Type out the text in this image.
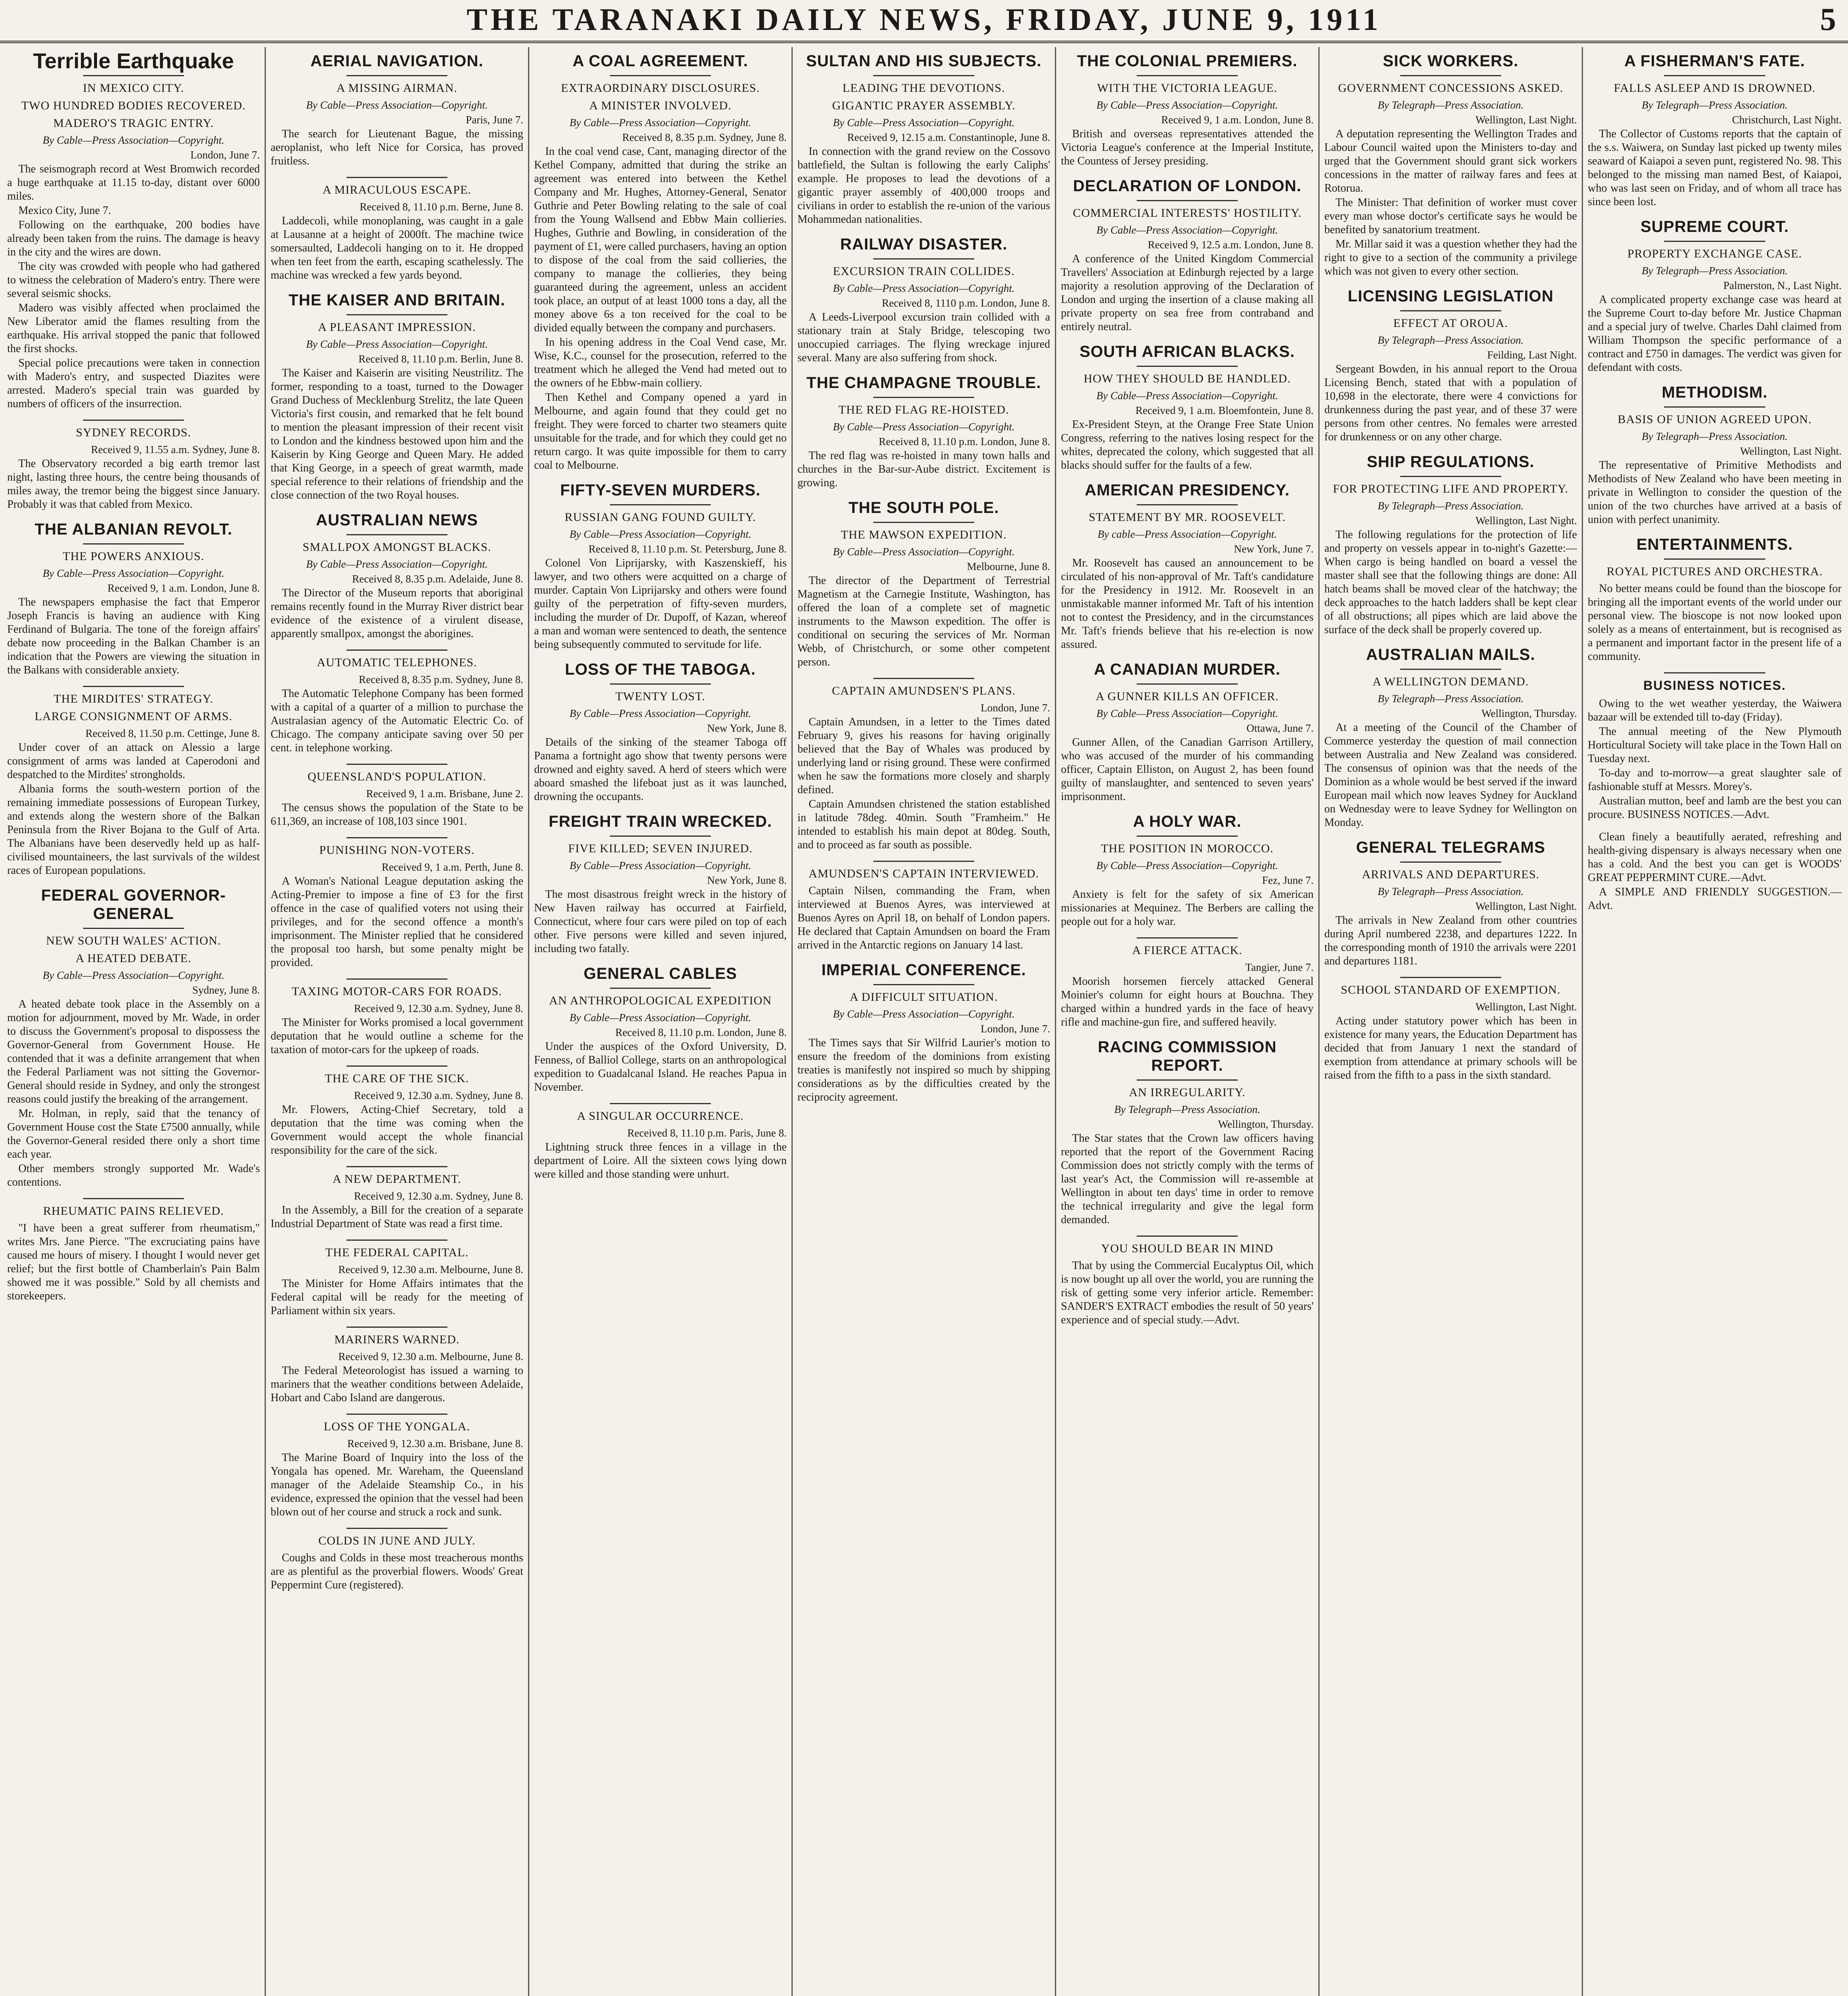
THE TARANAKI DAILY NEWS, FRIDAY, JUNE 9, 1911	5
Terrible Earthquake
IN MEXICO CITY.
TWO HUNDRED BODIES RECOVERED.
MADERO'S TRAGIC ENTRY.
By Cable—Press Association—Copyright.
London, June 7.

The seismograph record at West Bromwich recorded a huge earthquake at 11.15 to-day, distant over 6000 miles.

Mexico City, June 7.

Following on the earthquake, 200 bodies have already been taken from the ruins. The damage is heavy in the city and the wires are down.

The city was crowded with people who had gathered to witness the celebration of Madero's entry. There were several seismic shocks.

Madero was visibly affected when proclaimed the New Liberator amid the flames resulting from the earthquake. His arrival stopped the panic that followed the first shocks.

Special police precautions were taken in connection with Madero's entry, and suspected Diazites were arrested. Madero's special train was guarded by numbers of officers of the insurrection.

SYDNEY RECORDS.
Received 9, 11.55 a.m. Sydney, June 8.

The Observatory recorded a big earth tremor last night, lasting three hours, the centre being thousands of miles away, the tremor being the biggest since January. Probably it was that cabled from Mexico.

THE ALBANIAN REVOLT.
THE POWERS ANXIOUS.
By Cable—Press Association—Copyright.
Received 9, 1 a.m. London, June 8.

The newspapers emphasise the fact that Emperor Joseph Francis is having an audience with King Ferdinand of Bulgaria. The tone of the foreign affairs' debate now proceeding in the Balkan Chamber is an indication that the Powers are viewing the situation in the Balkans with considerable anxiety.

THE MIRDITES' STRATEGY.
LARGE CONSIGNMENT OF ARMS.
Received 8, 11.50 p.m. Cettinge, June 8.

Under cover of an attack on Alessio a large consignment of arms was landed at Caperodoni and despatched to the Mirdites' strongholds.

Albania forms the south-western portion of the remaining immediate possessions of European Turkey, and extends along the western shore of the Balkan Peninsula from the River Bojana to the Gulf of Arta. The Albanians have been deservedly held up as half-civilised mountaineers, the last survivals of the wildest races of European populations.

FEDERAL GOVERNOR-GENERAL
NEW SOUTH WALES' ACTION.
A HEATED DEBATE.
By Cable—Press Association—Copyright.
Sydney, June 8.

A heated debate took place in the Assembly on a motion for adjournment, moved by Mr. Wade, in order to discuss the Government's proposal to dispossess the Governor-General from Government House. He contended that it was a definite arrangement that when the Federal Parliament was not sitting the Governor-General should reside in Sydney, and only the strongest reasons could justify the breaking of the arrangement.

Mr. Holman, in reply, said that the tenancy of Government House cost the State £7500 annually, while the Governor-General resided there only a short time each year.

Other members strongly supported Mr. Wade's contentions.

RHEUMATIC PAINS RELIEVED.

"I have been a great sufferer from rheumatism," writes Mrs. Jane Pierce. "The excruciating pains have caused me hours of misery. I thought I would never get relief; but the first bottle of Chamberlain's Pain Balm showed me it was possible." Sold by all chemists and storekeepers.

AERIAL NAVIGATION.
A MISSING AIRMAN.
By Cable—Press Association—Copyright.
Paris, June 7.

The search for Lieutenant Bague, the missing aeroplanist, who left Nice for Corsica, has proved fruitless.

A MIRACULOUS ESCAPE.
Received 8, 11.10 p.m. Berne, June 8.

Laddecoli, while monoplaning, was caught in a gale at Lausanne at a height of 2000ft. The machine twice somersaulted, Laddecoli hanging on to it. He dropped when ten feet from the earth, escaping scathelessly. The machine was wrecked a few yards beyond.

THE KAISER AND BRITAIN.
A PLEASANT IMPRESSION.
By Cable—Press Association—Copyright.
Received 8, 11.10 p.m. Berlin, June 8.

The Kaiser and Kaiserin are visiting Neustrilitz. The former, responding to a toast, turned to the Dowager Grand Duchess of Mecklenburg Strelitz, the late Queen Victoria's first cousin, and remarked that he felt bound to mention the pleasant impression of their recent visit to London and the kindness bestowed upon him and the Kaiserin by King George and Queen Mary. He added that King George, in a speech of great warmth, made special reference to their relations of friendship and the close connection of the two Royal houses.

AUSTRALIAN NEWS
SMALLPOX AMONGST BLACKS.
By Cable—Press Association—Copyright.
Received 8, 8.35 p.m. Adelaide, June 8.

The Director of the Museum reports that aboriginal remains recently found in the Murray River district bear evidence of the existence of a virulent disease, apparently smallpox, amongst the aborigines.

AUTOMATIC TELEPHONES.
Received 8, 8.35 p.m. Sydney, June 8.

The Automatic Telephone Company has been formed with a capital of a quarter of a million to purchase the Australasian agency of the Automatic Electric Co. of Chicago. The company anticipate saving over 50 per cent. in telephone working.

QUEENSLAND'S POPULATION.
Received 9, 1 a.m. Brisbane, June 2.

The census shows the population of the State to be 611,369, an increase of 108,103 since 1901.

PUNISHING NON-VOTERS.
Received 9, 1 a.m. Perth, June 8.

A Woman's National League deputation asking the Acting-Premier to impose a fine of £3 for the first offence in the case of qualified voters not using their privileges, and for the second offence a month's imprisonment. The Minister replied that he considered the proposal too harsh, but some penalty might be provided.

TAXING MOTOR-CARS FOR ROADS.
Received 9, 12.30 a.m. Sydney, June 8.

The Minister for Works promised a local government deputation that he would outline a scheme for the taxation of motor-cars for the upkeep of roads.

THE CARE OF THE SICK.
Received 9, 12.30 a.m. Sydney, June 8.

Mr. Flowers, Acting-Chief Secretary, told a deputation that the time was coming when the Government would accept the whole financial responsibility for the care of the sick.

A NEW DEPARTMENT.
Received 9, 12.30 a.m. Sydney, June 8.

In the Assembly, a Bill for the creation of a separate Industrial Department of State was read a first time.

THE FEDERAL CAPITAL.
Received 9, 12.30 a.m. Melbourne, June 8.

The Minister for Home Affairs intimates that the Federal capital will be ready for the meeting of Parliament within six years.

MARINERS WARNED.
Received 9, 12.30 a.m. Melbourne, June 8.

The Federal Meteorologist has issued a warning to mariners that the weather conditions between Adelaide, Hobart and Cabo Island are dangerous.

LOSS OF THE YONGALA.
Received 9, 12.30 a.m. Brisbane, June 8.

The Marine Board of Inquiry into the loss of the Yongala has opened. Mr. Wareham, the Queensland manager of the Adelaide Steamship Co., in his evidence, expressed the opinion that the vessel had been blown out of her course and struck a rock and sunk.

COLDS IN JUNE AND JULY.

Coughs and Colds in these most treacherous months are as plentiful as the proverbial flowers. Woods' Great Peppermint Cure (registered).

A COAL AGREEMENT.
EXTRAORDINARY DISCLOSURES.
A MINISTER INVOLVED.
By Cable—Press Association—Copyright.
Received 8, 8.35 p.m. Sydney, June 8.

In the coal vend case, Cant, managing director of the Kethel Company, admitted that during the strike an agreement was entered into between the Kethel Company and Mr. Hughes, Attorney-General, Senator Guthrie and Peter Bowling relating to the sale of coal from the Young Wallsend and Ebbw Main collieries. Hughes, Guthrie and Bowling, in consideration of the payment of £1, were called purchasers, having an option to dispose of the coal from the said collieries, the company to manage the collieries, they being guaranteed during the agreement, unless an accident took place, an output of at least 1000 tons a day, all the money above 6s a ton received for the coal to be divided equally between the company and purchasers.

In his opening address in the Coal Vend case, Mr. Wise, K.C., counsel for the prosecution, referred to the treatment which he alleged the Vend had meted out to the owners of he Ebbw-main colliery.

Then Kethel and Company opened a yard in Melbourne, and again found that they could get no freight. They were forced to charter two steamers quite unsuitable for the trade, and for which they could get no return cargo. It was quite impossible for them to carry coal to Melbourne.

FIFTY-SEVEN MURDERS.
RUSSIAN GANG FOUND GUILTY.
By Cable—Press Association—Copyright.
Received 8, 11.10 p.m. St. Petersburg, June 8.

Colonel Von Liprijarsky, with Kaszenskieff, his lawyer, and two others were acquitted on a charge of murder. Captain Von Liprijarsky and others were found guilty of the perpetration of fifty-seven murders, including the murder of Dr. Dupoff, of Kazan, whereof a man and woman were sentenced to death, the sentence being subsequently commuted to servitude for life.

LOSS OF THE TABOGA.
TWENTY LOST.
By Cable—Press Association—Copyright.
New York, June 8.

Details of the sinking of the steamer Taboga off Panama a fortnight ago show that twenty persons were drowned and eighty saved. A herd of steers which were aboard smashed the lifeboat just as it was launched, drowning the occupants.

FREIGHT TRAIN WRECKED.
FIVE KILLED; SEVEN INJURED.
By Cable—Press Association—Copyright.
New York, June 8.

The most disastrous freight wreck in the history of New Haven railway has occurred at Fairfield, Connecticut, where four cars were piled on top of each other. Five persons were killed and seven injured, including two fatally.

GENERAL CABLES
AN ANTHROPOLOGICAL EXPEDITION
By Cable—Press Association—Copyright.
Received 8, 11.10 p.m. London, June 8.

Under the auspices of the Oxford University, D. Fenness, of Balliol College, starts on an anthropological expedition to Guadalcanal Island. He reaches Papua in November.

A SINGULAR OCCURRENCE.
Received 8, 11.10 p.m. Paris, June 8.

Lightning struck three fences in a village in the department of Loire. All the sixteen cows lying down were killed and those standing were unhurt.

SULTAN AND HIS SUBJECTS.
LEADING THE DEVOTIONS.
GIGANTIC PRAYER ASSEMBLY.
By Cable—Press Association—Copyright.
Received 9, 12.15 a.m. Constantinople, June 8.

In connection with the grand review on the Cossovo battlefield, the Sultan is following the early Caliphs' example. He proposes to lead the devotions of a gigantic prayer assembly of 400,000 troops and civilians in order to establish the re-union of the various Mohammedan nationalities.

RAILWAY DISASTER.
EXCURSION TRAIN COLLIDES.
By Cable—Press Association—Copyright.
Received 8, 1110 p.m. London, June 8.

A Leeds-Liverpool excursion train collided with a stationary train at Staly Bridge, telescoping two unoccupied carriages. The flying wreckage injured several. Many are also suffering from shock.

THE CHAMPAGNE TROUBLE.
THE RED FLAG RE-HOISTED.
By Cable—Press Association—Copyright.
Received 8, 11.10 p.m. London, June 8.

The red flag was re-hoisted in many town halls and churches in the Bar-sur-Aube district. Excitement is growing.

THE SOUTH POLE.
THE MAWSON EXPEDITION.
By Cable—Press Association—Copyright.
Melbourne, June 8.

The director of the Department of Terrestrial Magnetism at the Carnegie Institute, Washington, has offered the loan of a complete set of magnetic instruments to the Mawson expedition. The offer is conditional on securing the services of Mr. Norman Webb, of Christchurch, or some other competent person.

CAPTAIN AMUNDSEN'S PLANS.
London, June 7.

Captain Amundsen, in a letter to the Times dated February 9, gives his reasons for having originally believed that the Bay of Whales was produced by underlying land or rising ground. These were confirmed when he saw the formations more closely and sharply defined.

Captain Amundsen christened the station established in latitude 78deg. 40min. South "Framheim." He intended to establish his main depot at 80deg. South, and to proceed as far south as possible.

AMUNDSEN'S CAPTAIN INTERVIEWED.

Captain Nilsen, commanding the Fram, when interviewed at Buenos Ayres, was interviewed at Buenos Ayres on April 18, on behalf of London papers. He declared that Captain Amundsen on board the Fram arrived in the Antarctic regions on January 14 last.

IMPERIAL CONFERENCE.
A DIFFICULT SITUATION.
By Cable—Press Association—Copyright.
London, June 7.

The Times says that Sir Wilfrid Laurier's motion to ensure the freedom of the dominions from existing treaties is manifestly not inspired so much by shipping considerations as by the difficulties created by the reciprocity agreement.

THE COLONIAL PREMIERS.
WITH THE VICTORIA LEAGUE.
By Cable—Press Association—Copyright.
Received 9, 1 a.m. London, June 8.

British and overseas representatives attended the Victoria League's conference at the Imperial Institute, the Countess of Jersey presiding.

DECLARATION OF LONDON.
COMMERCIAL INTERESTS' HOSTILITY.
By Cable—Press Association—Copyright.
Received 9, 12.5 a.m. London, June 8.

A conference of the United Kingdom Commercial Travellers' Association at Edinburgh rejected by a large majority a resolution approving of the Declaration of London and urging the insertion of a clause making all private property on sea free from contraband and entirely neutral.

SOUTH AFRICAN BLACKS.
HOW THEY SHOULD BE HANDLED.
By Cable—Press Association—Copyright.
Received 9, 1 a.m. Bloemfontein, June 8.

Ex-President Steyn, at the Orange Free State Union Congress, referring to the natives losing respect for the whites, deprecated the colony, which suggested that all blacks should suffer for the faults of a few.

AMERICAN PRESIDENCY.
STATEMENT BY MR. ROOSEVELT.
By cable—Press Association—Copyright.
New York, June 7.

Mr. Roosevelt has caused an announcement to be circulated of his non-approval of Mr. Taft's candidature for the Presidency in 1912. Mr. Roosevelt in an unmistakable manner informed Mr. Taft of his intention not to contest the Presidency, and in the circumstances Mr. Taft's friends believe that his re-election is now assured.

A CANADIAN MURDER.
A GUNNER KILLS AN OFFICER.
By Cable—Press Association—Copyright.
Ottawa, June 7.

Gunner Allen, of the Canadian Garrison Artillery, who was accused of the murder of his commanding officer, Captain Elliston, on August 2, has been found guilty of manslaughter, and sentenced to seven years' imprisonment.

A HOLY WAR.
THE POSITION IN MOROCCO.
By Cable—Press Association—Copyright.
Fez, June 7.

Anxiety is felt for the safety of six American missionaries at Mequinez. The Berbers are calling the people out for a holy war.

A FIERCE ATTACK.
Tangier, June 7.

Moorish horsemen fiercely attacked General Moinier's column for eight hours at Bouchna. They charged within a hundred yards in the face of heavy rifle and machine-gun fire, and suffered heavily.

RACING COMMISSION REPORT.
AN IRREGULARITY.
By Telegraph—Press Association.
Wellington, Thursday.

The Star states that the Crown law officers having reported that the report of the Government Racing Commission does not strictly comply with the terms of last year's Act, the Commission will re-assemble at Wellington in about ten days' time in order to remove the technical irregularity and give the legal form demanded.

YOU SHOULD BEAR IN MIND

That by using the Commercial Eucalyptus Oil, which is now bought up all over the world, you are running the risk of getting some very inferior article. Remember: SANDER'S EXTRACT embodies the result of 50 years' experience and of special study.—Advt.

SICK WORKERS.
GOVERNMENT CONCESSIONS ASKED.
By Telegraph—Press Association.
Wellington, Last Night.

A deputation representing the Wellington Trades and Labour Council waited upon the Ministers to-day and urged that the Government should grant sick workers concessions in the matter of railway fares and fees at Rotorua.

The Minister: That definition of worker must cover every man whose doctor's certificate says he would be benefited by sanatorium treatment.

Mr. Millar said it was a question whether they had the right to give to a section of the community a privilege which was not given to every other section.

LICENSING LEGISLATION
EFFECT AT OROUA.
By Telegraph—Press Association.
Feilding, Last Night.

Sergeant Bowden, in his annual report to the Oroua Licensing Bench, stated that with a population of 10,698 in the electorate, there were 4 convictions for drunkenness during the past year, and of these 37 were persons from other centres. No females were arrested for drunkenness or on any other charge.

SHIP REGULATIONS.
FOR PROTECTING LIFE AND PROPERTY.
By Telegraph—Press Association.
Wellington, Last Night.

The following regulations for the protection of life and property on vessels appear in to-night's Gazette:—When cargo is being handled on board a vessel the master shall see that the following things are done: All hatch beams shall be moved clear of the hatchway; the deck approaches to the hatch ladders shall be kept clear of all obstructions; all pipes which are laid above the surface of the deck shall be properly covered up.

AUSTRALIAN MAILS.
A WELLINGTON DEMAND.
By Telegraph—Press Association.
Wellington, Thursday.

At a meeting of the Council of the Chamber of Commerce yesterday the question of mail connection between Australia and New Zealand was considered. The consensus of opinion was that the needs of the Dominion as a whole would be best served if the inward European mail which now leaves Sydney for Auckland on Wednesday were to leave Sydney for Wellington on Monday.

GENERAL TELEGRAMS
ARRIVALS AND DEPARTURES.
By Telegraph—Press Association.
Wellington, Last Night.

The arrivals in New Zealand from other countries during April numbered 2238, and departures 1222. In the corresponding month of 1910 the arrivals were 2201 and departures 1181.

SCHOOL STANDARD OF EXEMPTION.
Wellington, Last Night.

Acting under statutory power which has been in existence for many years, the Education Department has decided that from January 1 next the standard of exemption from attendance at primary schools will be raised from the fifth to a pass in the sixth standard.

A FISHERMAN'S FATE.
FALLS ASLEEP AND IS DROWNED.
By Telegraph—Press Association.
Christchurch, Last Night.

The Collector of Customs reports that the captain of the s.s. Waiwera, on Sunday last picked up twenty miles seaward of Kaiapoi a seven punt, registered No. 98. This belonged to the missing man named Best, of Kaiapoi, who was last seen on Friday, and of whom all trace has since been lost.

SUPREME COURT.
PROPERTY EXCHANGE CASE.
By Telegraph—Press Association.
Palmerston, N., Last Night.

A complicated property exchange case was heard at the Supreme Court to-day before Mr. Justice Chapman and a special jury of twelve. Charles Dahl claimed from William Thompson the specific performance of a contract and £750 in damages. The verdict was given for defendant with costs.

METHODISM.
BASIS OF UNION AGREED UPON.
By Telegraph—Press Association.
Wellington, Last Night.

The representative of Primitive Methodists and Methodists of New Zealand who have been meeting in private in Wellington to consider the question of the union of the two churches have arrived at a basis of union with perfect unanimity.

ENTERTAINMENTS.
ROYAL PICTURES AND ORCHESTRA.

No better means could be found than the bioscope for bringing all the important events of the world under our personal view. The bioscope is not now looked upon solely as a means of entertainment, but is recognised as a permanent and important factor in the present life of a community.

BUSINESS NOTICES.

Owing to the wet weather yesterday, the Waiwera bazaar will be extended till to-day (Friday).

The annual meeting of the New Plymouth Horticultural Society will take place in the Town Hall on Tuesday next.

To-day and to-morrow—a great slaughter sale of fashionable stuff at Messrs. Morey's.

Australian mutton, beef and lamb are the best you can procure. BUSINESS NOTICES.—Advt.

Clean finely a beautifully aerated, refreshing and health-giving dispensary is always necessary when one has a cold. And the best you can get is WOODS' GREAT PEPPERMINT CURE.—Advt.

A SIMPLE AND FRIENDLY SUGGESTION.—Advt.
